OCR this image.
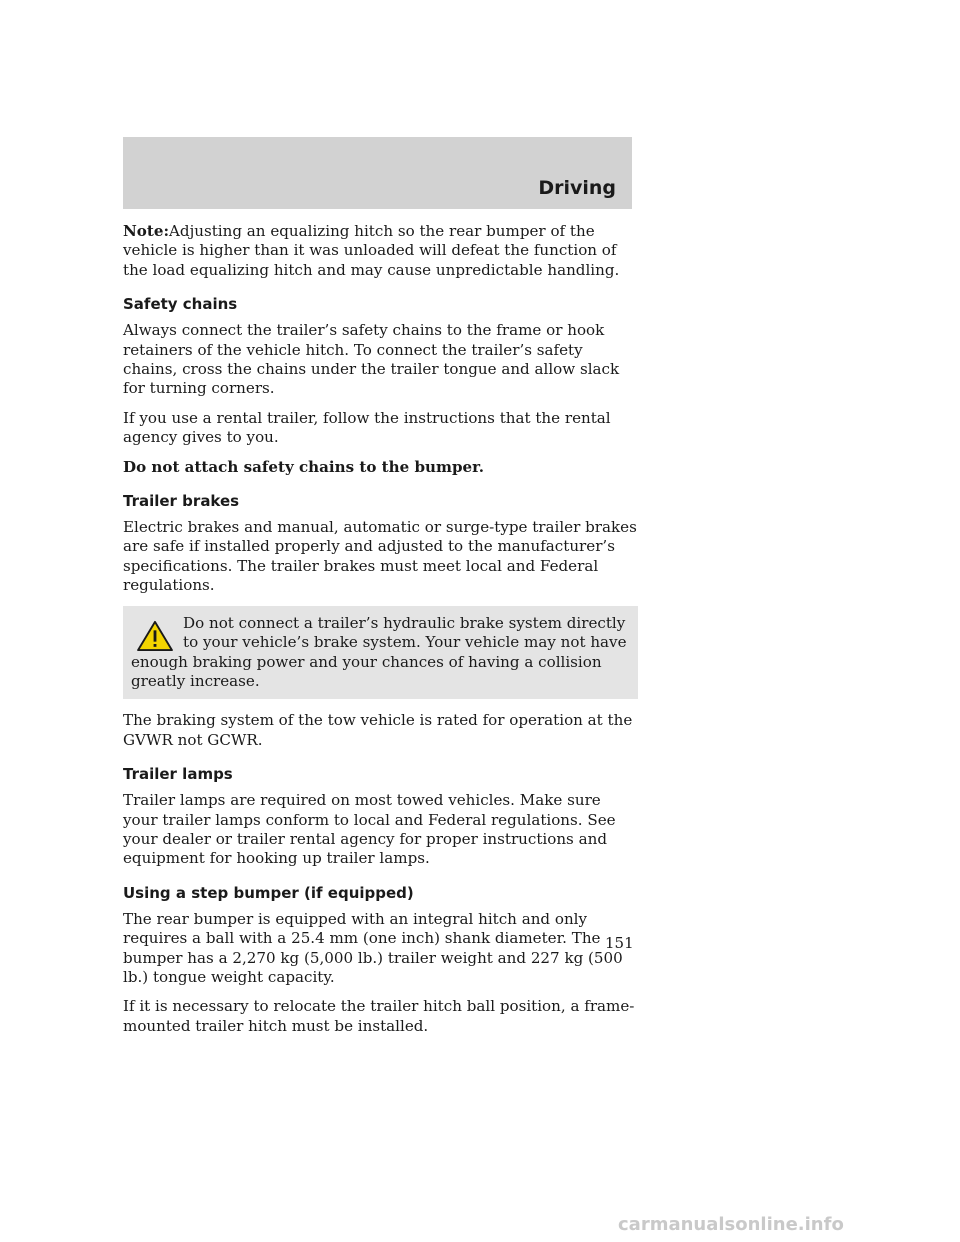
Driving

Note:Adjusting an equalizing hitch so the rear bumper of the vehicle is higher than it was unloaded will defeat the function of the load equalizing hitch and may cause unpredictable handling.

Safety chains

Always connect the trailer’s safety chains to the frame or hook retainers of the vehicle hitch. To connect the trailer’s safety chains, cross the chains under the trailer tongue and allow slack for turning corners.

If you use a rental trailer, follow the instructions that the rental agency gives to you.

Do not attach safety chains to the bumper.

Trailer brakes

Electric brakes and manual, automatic or surge-type trailer brakes are safe if installed properly and adjusted to the manufacturer’s specifications. The trailer brakes must meet local and Federal regulations.

Do not connect a trailer’s hydraulic brake system directly to your vehicle’s brake system. Your vehicle may not have enough braking power and your chances of having a collision greatly increase.

The braking system of the tow vehicle is rated for operation at the GVWR not GCWR.

Trailer lamps

Trailer lamps are required on most towed vehicles. Make sure your trailer lamps conform to local and Federal regulations. See your dealer or trailer rental agency for proper instructions and equipment for hooking up trailer lamps.

Using a step bumper (if equipped)

The rear bumper is equipped with an integral hitch and only requires a ball with a 25.4 mm (one inch) shank diameter. The bumper has a 2,270 kg (5,000 lb.) trailer weight and 227 kg (500 lb.) tongue weight capacity.

If it is necessary to relocate the trailer hitch ball position, a frame-mounted trailer hitch must be installed.

151
carmanualsonline.info
